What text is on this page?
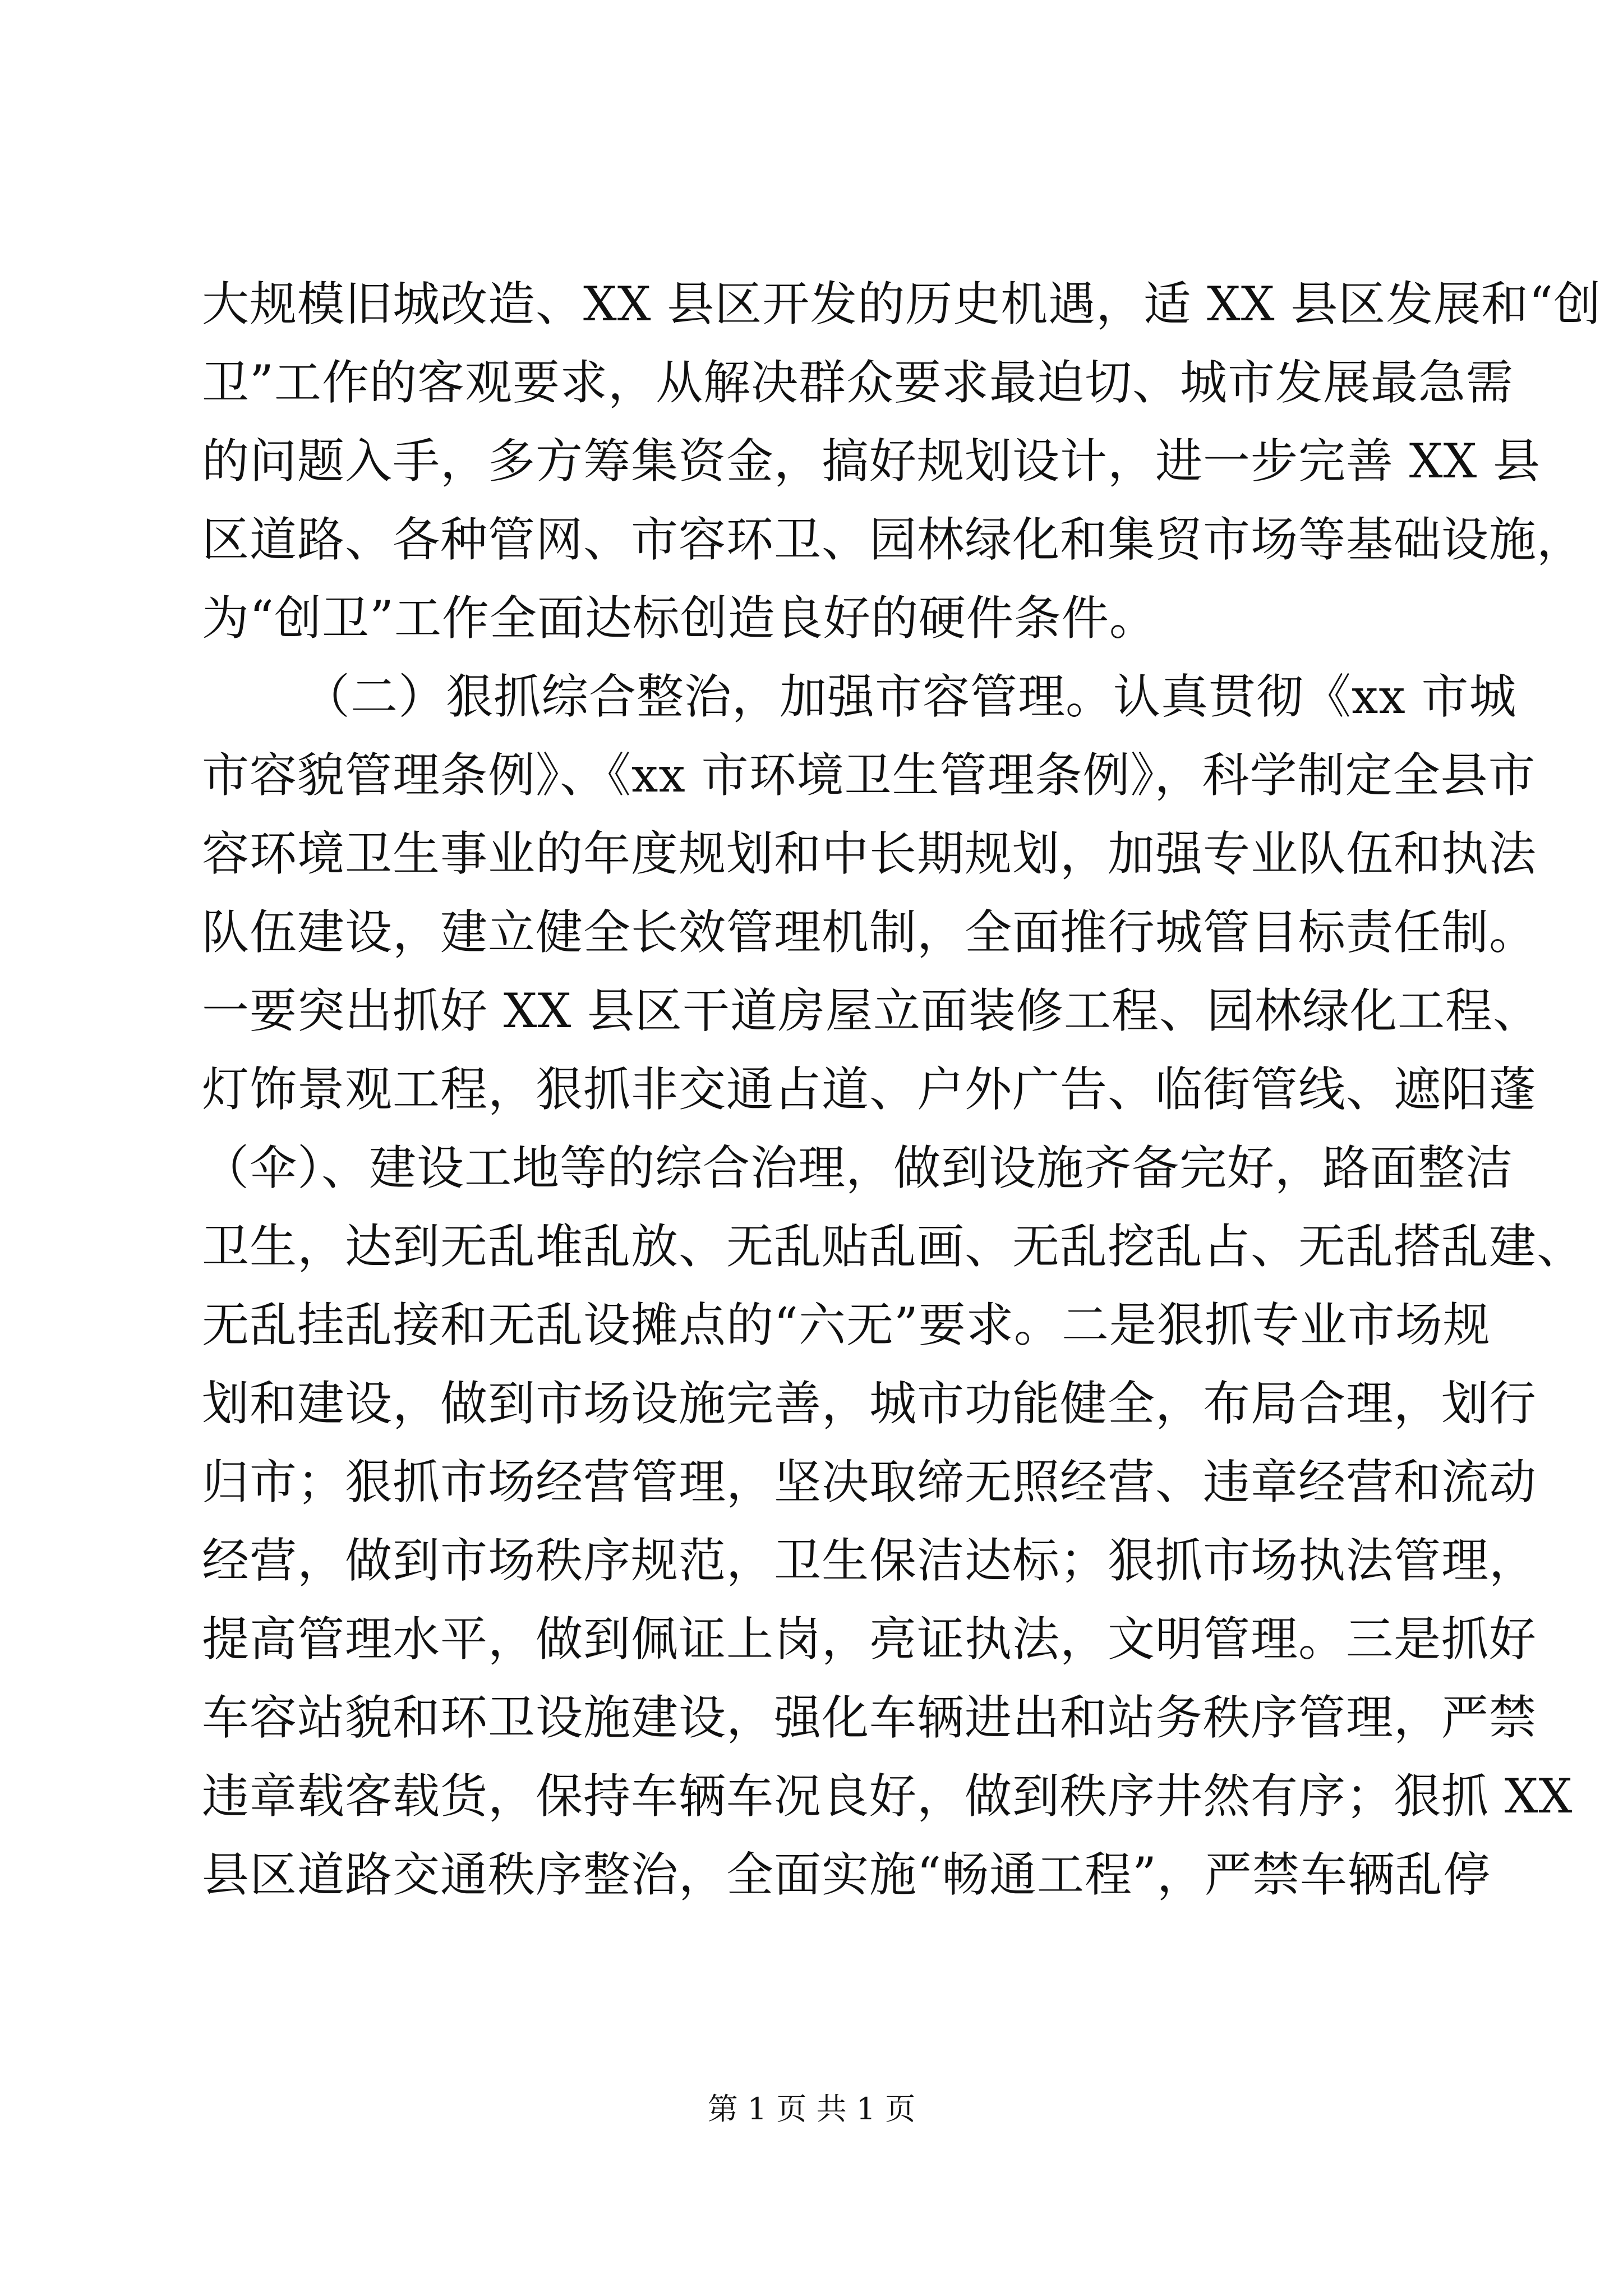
大规模旧城改造、XX 县区开发的历史机遇，适 XX 县区发展和“创
卫”工作的客观要求，从解决群众要求最迫切、城市发展最急需
的问题入手，多方筹集资金，搞好规划设计，进一步完善 XX 县
区道路、各种管网、市容环卫、园林绿化和集贸市场等基础设施，
为“创卫”工作全面达标创造良好的硬件条件。
（二）狠抓综合整治，加强市容管理。认真贯彻《xx 市城
市容貌管理条例》、《xx 市环境卫生管理条例》，科学制定全县市
容环境卫生事业的年度规划和中长期规划，加强专业队伍和执法
队伍建设，建立健全长效管理机制，全面推行城管目标责任制。
一要突出抓好 XX 县区干道房屋立面装修工程、园林绿化工程、
灯饰景观工程，狠抓非交通占道、户外广告、临街管线、遮阳蓬
（伞）、建设工地等的综合治理，做到设施齐备完好，路面整洁
卫生，达到无乱堆乱放、无乱贴乱画、无乱挖乱占、无乱搭乱建、
无乱挂乱接和无乱设摊点的“六无”要求。二是狠抓专业市场规
划和建设，做到市场设施完善，城市功能健全，布局合理，划行
归市；狠抓市场经营管理，坚决取缔无照经营、违章经营和流动
经营，做到市场秩序规范，卫生保洁达标；狠抓市场执法管理，
提高管理水平，做到佩证上岗，亮证执法，文明管理。三是抓好
车容站貌和环卫设施建设，强化车辆进出和站务秩序管理，严禁
违章载客载货，保持车辆车况良好，做到秩序井然有序；狠抓 XX
县区道路交通秩序整治，全面实施“畅通工程”，严禁车辆乱停
第 1 页 共 1 页
